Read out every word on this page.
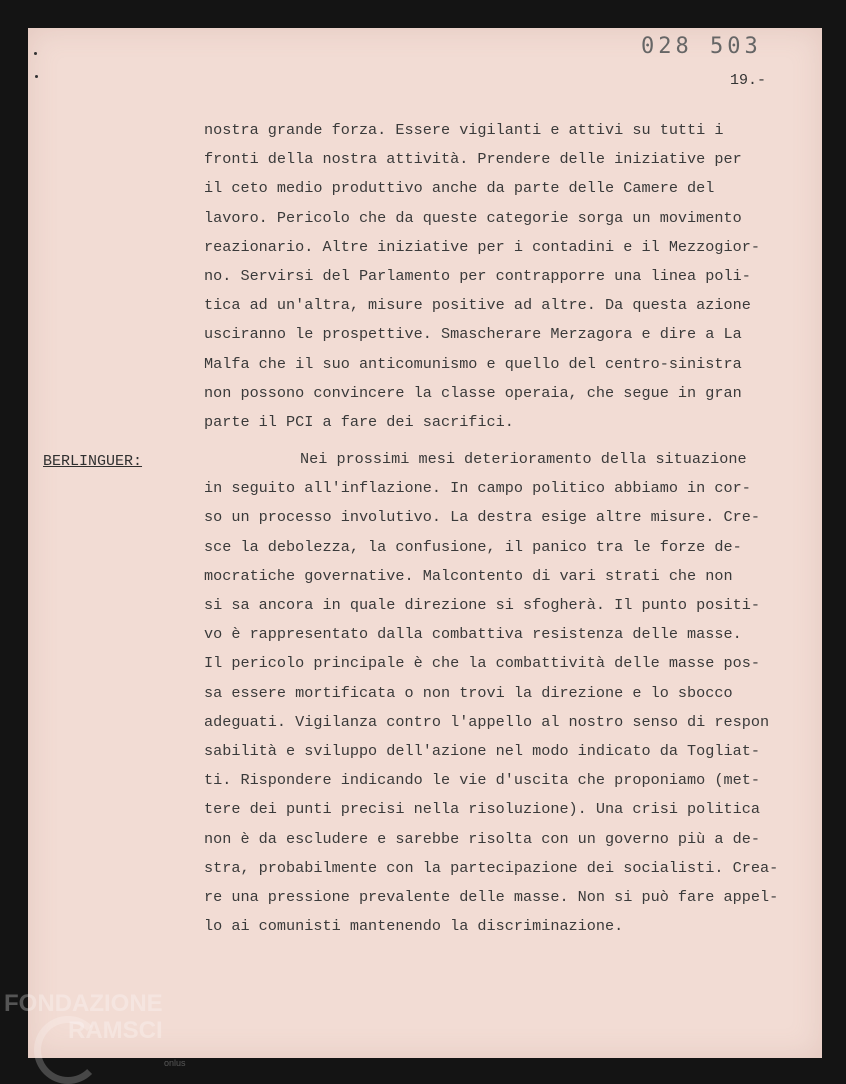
028 503
19.-
nostra grande forza. Essere vigilanti e attivi su tutti i
fronti della nostra attività. Prendere delle iniziative per
il ceto medio produttivo anche da parte delle Camere del
lavoro. Pericolo che da queste categorie sorga un movimento
reazionario. Altre iniziative per i contadini e il Mezzogior-
no. Servirsi del Parlamento per contrapporre una linea poli-
tica ad un'altra, misure positive ad altre. Da questa azione
usciranno le prospettive. Smascherare Merzagora e dire a La
Malfa che il suo anticomunismo e quello del centro-sinistra
non possono convincere la classe operaia, che segue in gran
parte il PCI a fare dei sacrifici.
BERLINGUER:	Nei prossimi mesi deterioramento della situazione
in seguito all'inflazione. In campo politico abbiamo in cor-
so un processo involutivo. La destra esige altre misure. Cre-
sce la debolezza, la confusione, il panico tra le forze de-
mocratiche governative. Malcontento di vari strati che non
si sa ancora in quale direzione si sfogherà. Il punto positi-
vo è rappresentato dalla combattiva resistenza delle masse.
Il pericolo principale è che la combattività delle masse pos-
sa essere mortificata o non trovi la direzione e lo sbocco
adeguati. Vigilanza contro l'appello al nostro senso di respon
sabilità e sviluppo dell'azione nel modo indicato da Togliat-
ti. Rispondere indicando le vie d'uscita che proponiamo (met-
tere dei punti precisi nella risoluzione). Una crisi politica
non è da escludere e sarebbe risolta con un governo più a de-
stra, probabilmente con la partecipazione dei socialisti. Crea-
re una pressione prevalente delle masse. Non si può fare appel-
lo ai comunisti mantenendo la discriminazione.
FONDAZIONE
RAMSCI
onlus
